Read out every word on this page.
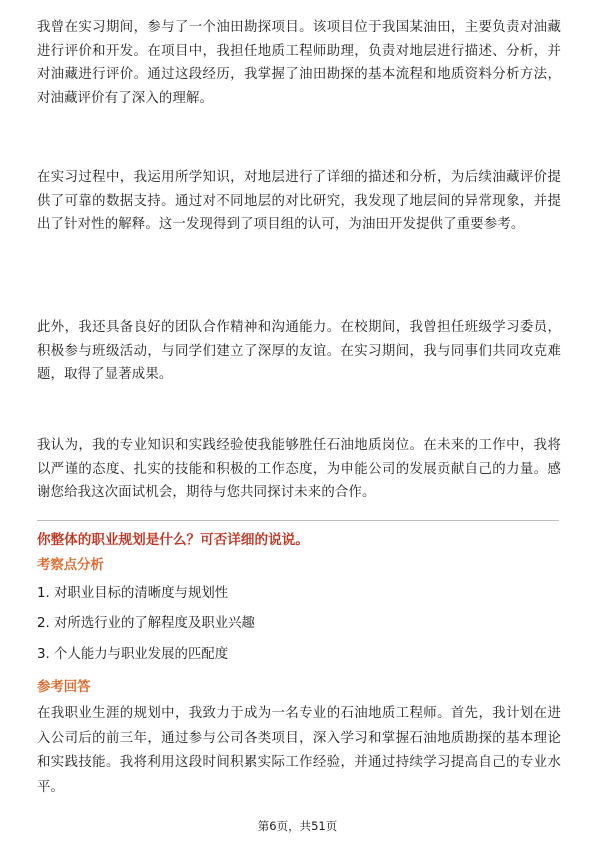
我曾在实习期间，参与了一个油田勘探项目。该项目位于我国某油田，主要负责对油藏进行评价和开发。在项目中，我担任地质工程师助理，负责对地层进行描述、分析，并对油藏进行评价。通过这段经历，我掌握了油田勘探的基本流程和地质资料分析方法，对油藏评价有了深入的理解。

在实习过程中，我运用所学知识，对地层进行了详细的描述和分析，为后续油藏评价提供了可靠的数据支持。通过对不同地层的对比研究，我发现了地层间的异常现象，并提出了针对性的解释。这一发现得到了项目组的认可，为油田开发提供了重要参考。

此外，我还具备良好的团队合作精神和沟通能力。在校期间，我曾担任班级学习委员，积极参与班级活动，与同学们建立了深厚的友谊。在实习期间，我与同事们共同攻克难题，取得了显著成果。

我认为，我的专业知识和实践经验使我能够胜任石油地质岗位。在未来的工作中，我将以严谨的态度、扎实的技能和积极的工作态度，为申能公司的发展贡献自己的力量。感谢您给我这次面试机会，期待与您共同探讨未来的合作。

你整体的职业规划是什么？可否详细的说说。

考察点分析

1. 对职业目标的清晰度与规划性

2. 对所选行业的了解程度及职业兴趣

3. 个人能力与职业发展的匹配度

参考回答

在我职业生涯的规划中，我致力于成为一名专业的石油地质工程师。首先，我计划在进入公司后的前三年，通过参与公司各类项目，深入学习和掌握石油地质勘探的基本理论和实践技能。我将利用这段时间积累实际工作经验，并通过持续学习提高自己的专业水平。

第6页，共51页
